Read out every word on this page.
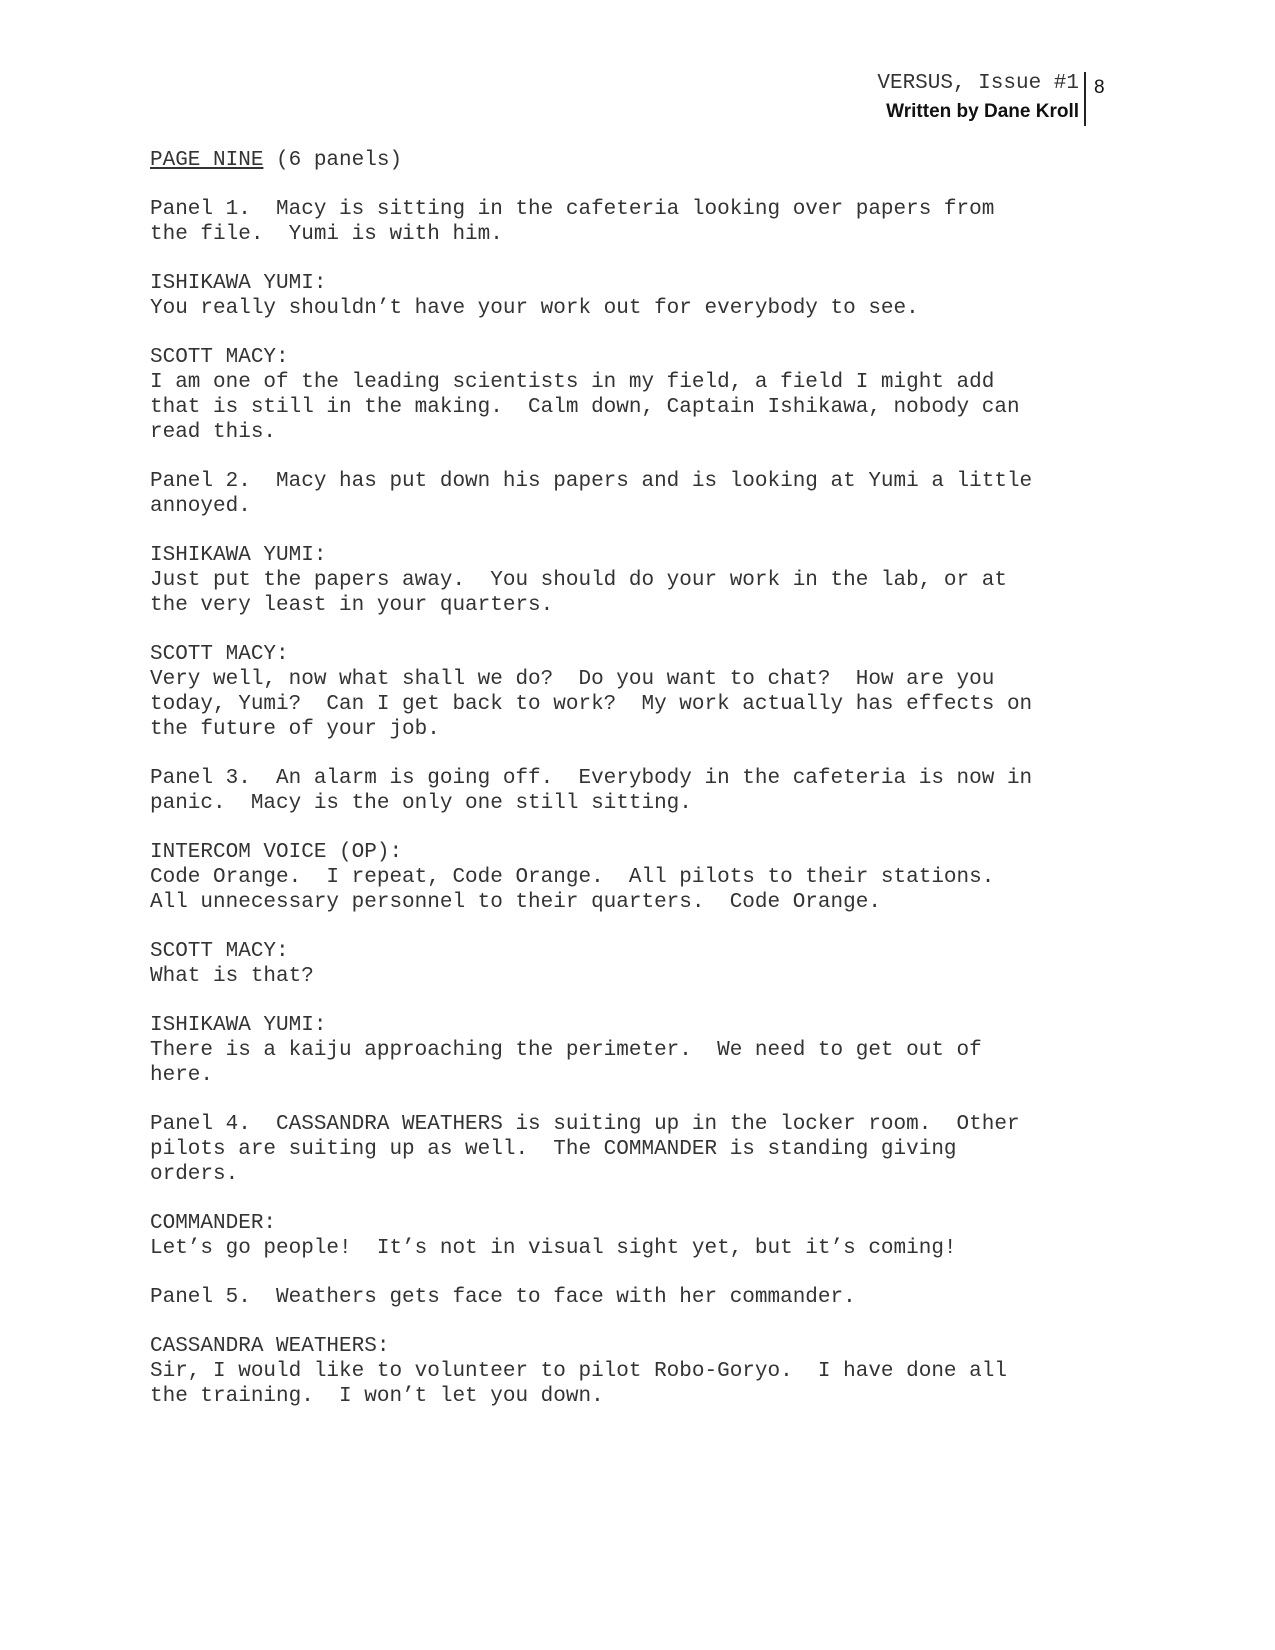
VERSUS, Issue #1
Written by Dane Kroll
8

PAGE NINE (6 panels)

Panel 1.  Macy is sitting in the cafeteria looking over papers from
the file.  Yumi is with him.

ISHIKAWA YUMI:
You really shouldn’t have your work out for everybody to see.

SCOTT MACY:
I am one of the leading scientists in my field, a field I might add
that is still in the making.  Calm down, Captain Ishikawa, nobody can
read this.

Panel 2.  Macy has put down his papers and is looking at Yumi a little
annoyed.

ISHIKAWA YUMI:
Just put the papers away.  You should do your work in the lab, or at
the very least in your quarters.

SCOTT MACY:
Very well, now what shall we do?  Do you want to chat?  How are you
today, Yumi?  Can I get back to work?  My work actually has effects on
the future of your job.

Panel 3.  An alarm is going off.  Everybody in the cafeteria is now in
panic.  Macy is the only one still sitting.

INTERCOM VOICE (OP):
Code Orange.  I repeat, Code Orange.  All pilots to their stations.
All unnecessary personnel to their quarters.  Code Orange.

SCOTT MACY:
What is that?

ISHIKAWA YUMI:
There is a kaiju approaching the perimeter.  We need to get out of
here.

Panel 4.  CASSANDRA WEATHERS is suiting up in the locker room.  Other
pilots are suiting up as well.  The COMMANDER is standing giving
orders.

COMMANDER:
Let’s go people!  It’s not in visual sight yet, but it’s coming!

Panel 5.  Weathers gets face to face with her commander.

CASSANDRA WEATHERS:
Sir, I would like to volunteer to pilot Robo-Goryo.  I have done all
the training.  I won’t let you down.
